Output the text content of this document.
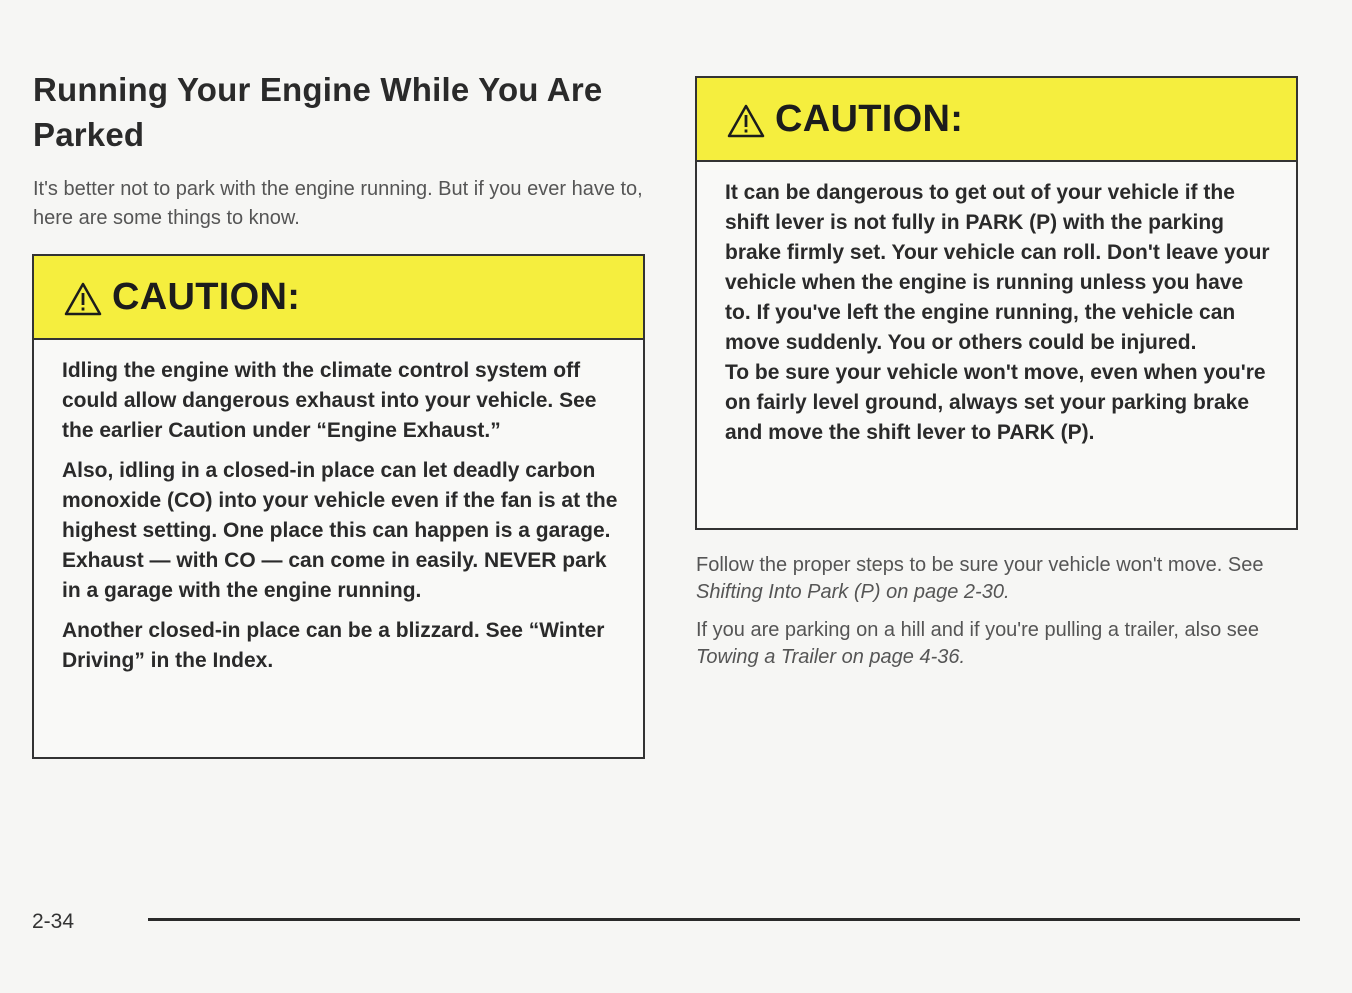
Running Your Engine While You Are Parked

It's better not to park with the engine running. But if you ever have to, here are some things to know.

CAUTION:

Idling the engine with the climate control system off could allow dangerous exhaust into your vehicle. See the earlier Caution under “Engine Exhaust.”

Also, idling in a closed-in place can let deadly carbon monoxide (CO) into your vehicle even if the fan is at the highest setting. One place this can happen is a garage. Exhaust — with CO — can come in easily. NEVER park in a garage with the engine running.

Another closed-in place can be a blizzard. See “Winter Driving” in the Index.

CAUTION:

It can be dangerous to get out of your vehicle if the shift lever is not fully in PARK (P) with the parking brake firmly set. Your vehicle can roll. Don't leave your vehicle when the engine is running unless you have to. If you've left the engine running, the vehicle can move suddenly. You or others could be injured.

To be sure your vehicle won't move, even when you're on fairly level ground, always set your parking brake and move the shift lever to PARK (P).

Follow the proper steps to be sure your vehicle won't move. See Shifting Into Park (P) on page 2-30.

If you are parking on a hill and if you're pulling a trailer, also see Towing a Trailer on page 4-36.

2-34
